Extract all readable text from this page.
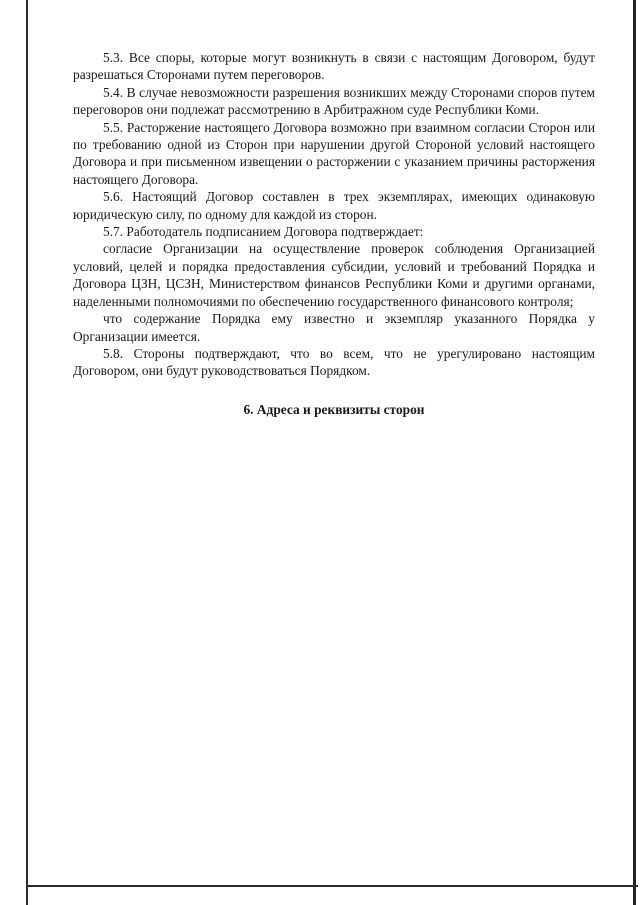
5.3. Все споры, которые могут возникнуть в связи с настоящим Договором, будут разрешаться Сторонами путем переговоров.

5.4. В случае невозможности разрешения возникших между Сторонами споров путем переговоров они подлежат рассмотрению в Арбитражном суде Республики Коми.

5.5. Расторжение настоящего Договора возможно при взаимном согласии Сторон или по требованию одной из Сторон при нарушении другой Стороной условий настоящего Договора и при письменном извещении о расторжении с указанием причины расторжения настоящего Договора.

5.6. Настоящий Договор составлен в трех экземплярах, имеющих одинаковую юридическую силу, по одному для каждой из сторон.

5.7. Работодатель подписанием Договора подтверждает:

согласие Организации на осуществление проверок соблюдения Организацией условий, целей и порядка предоставления субсидии, условий и требований Порядка и Договора ЦЗН, ЦСЗН, Министерством финансов Республики Коми и другими органами, наделенными полномочиями по обеспечению государственного финансового контроля;

что содержание Порядка ему известно и экземпляр указанного Порядка у Организации имеется.

5.8. Стороны подтверждают, что во всем, что не урегулировано настоящим Договором, они будут руководствоваться Порядком.

6. Адреса и реквизиты сторон
